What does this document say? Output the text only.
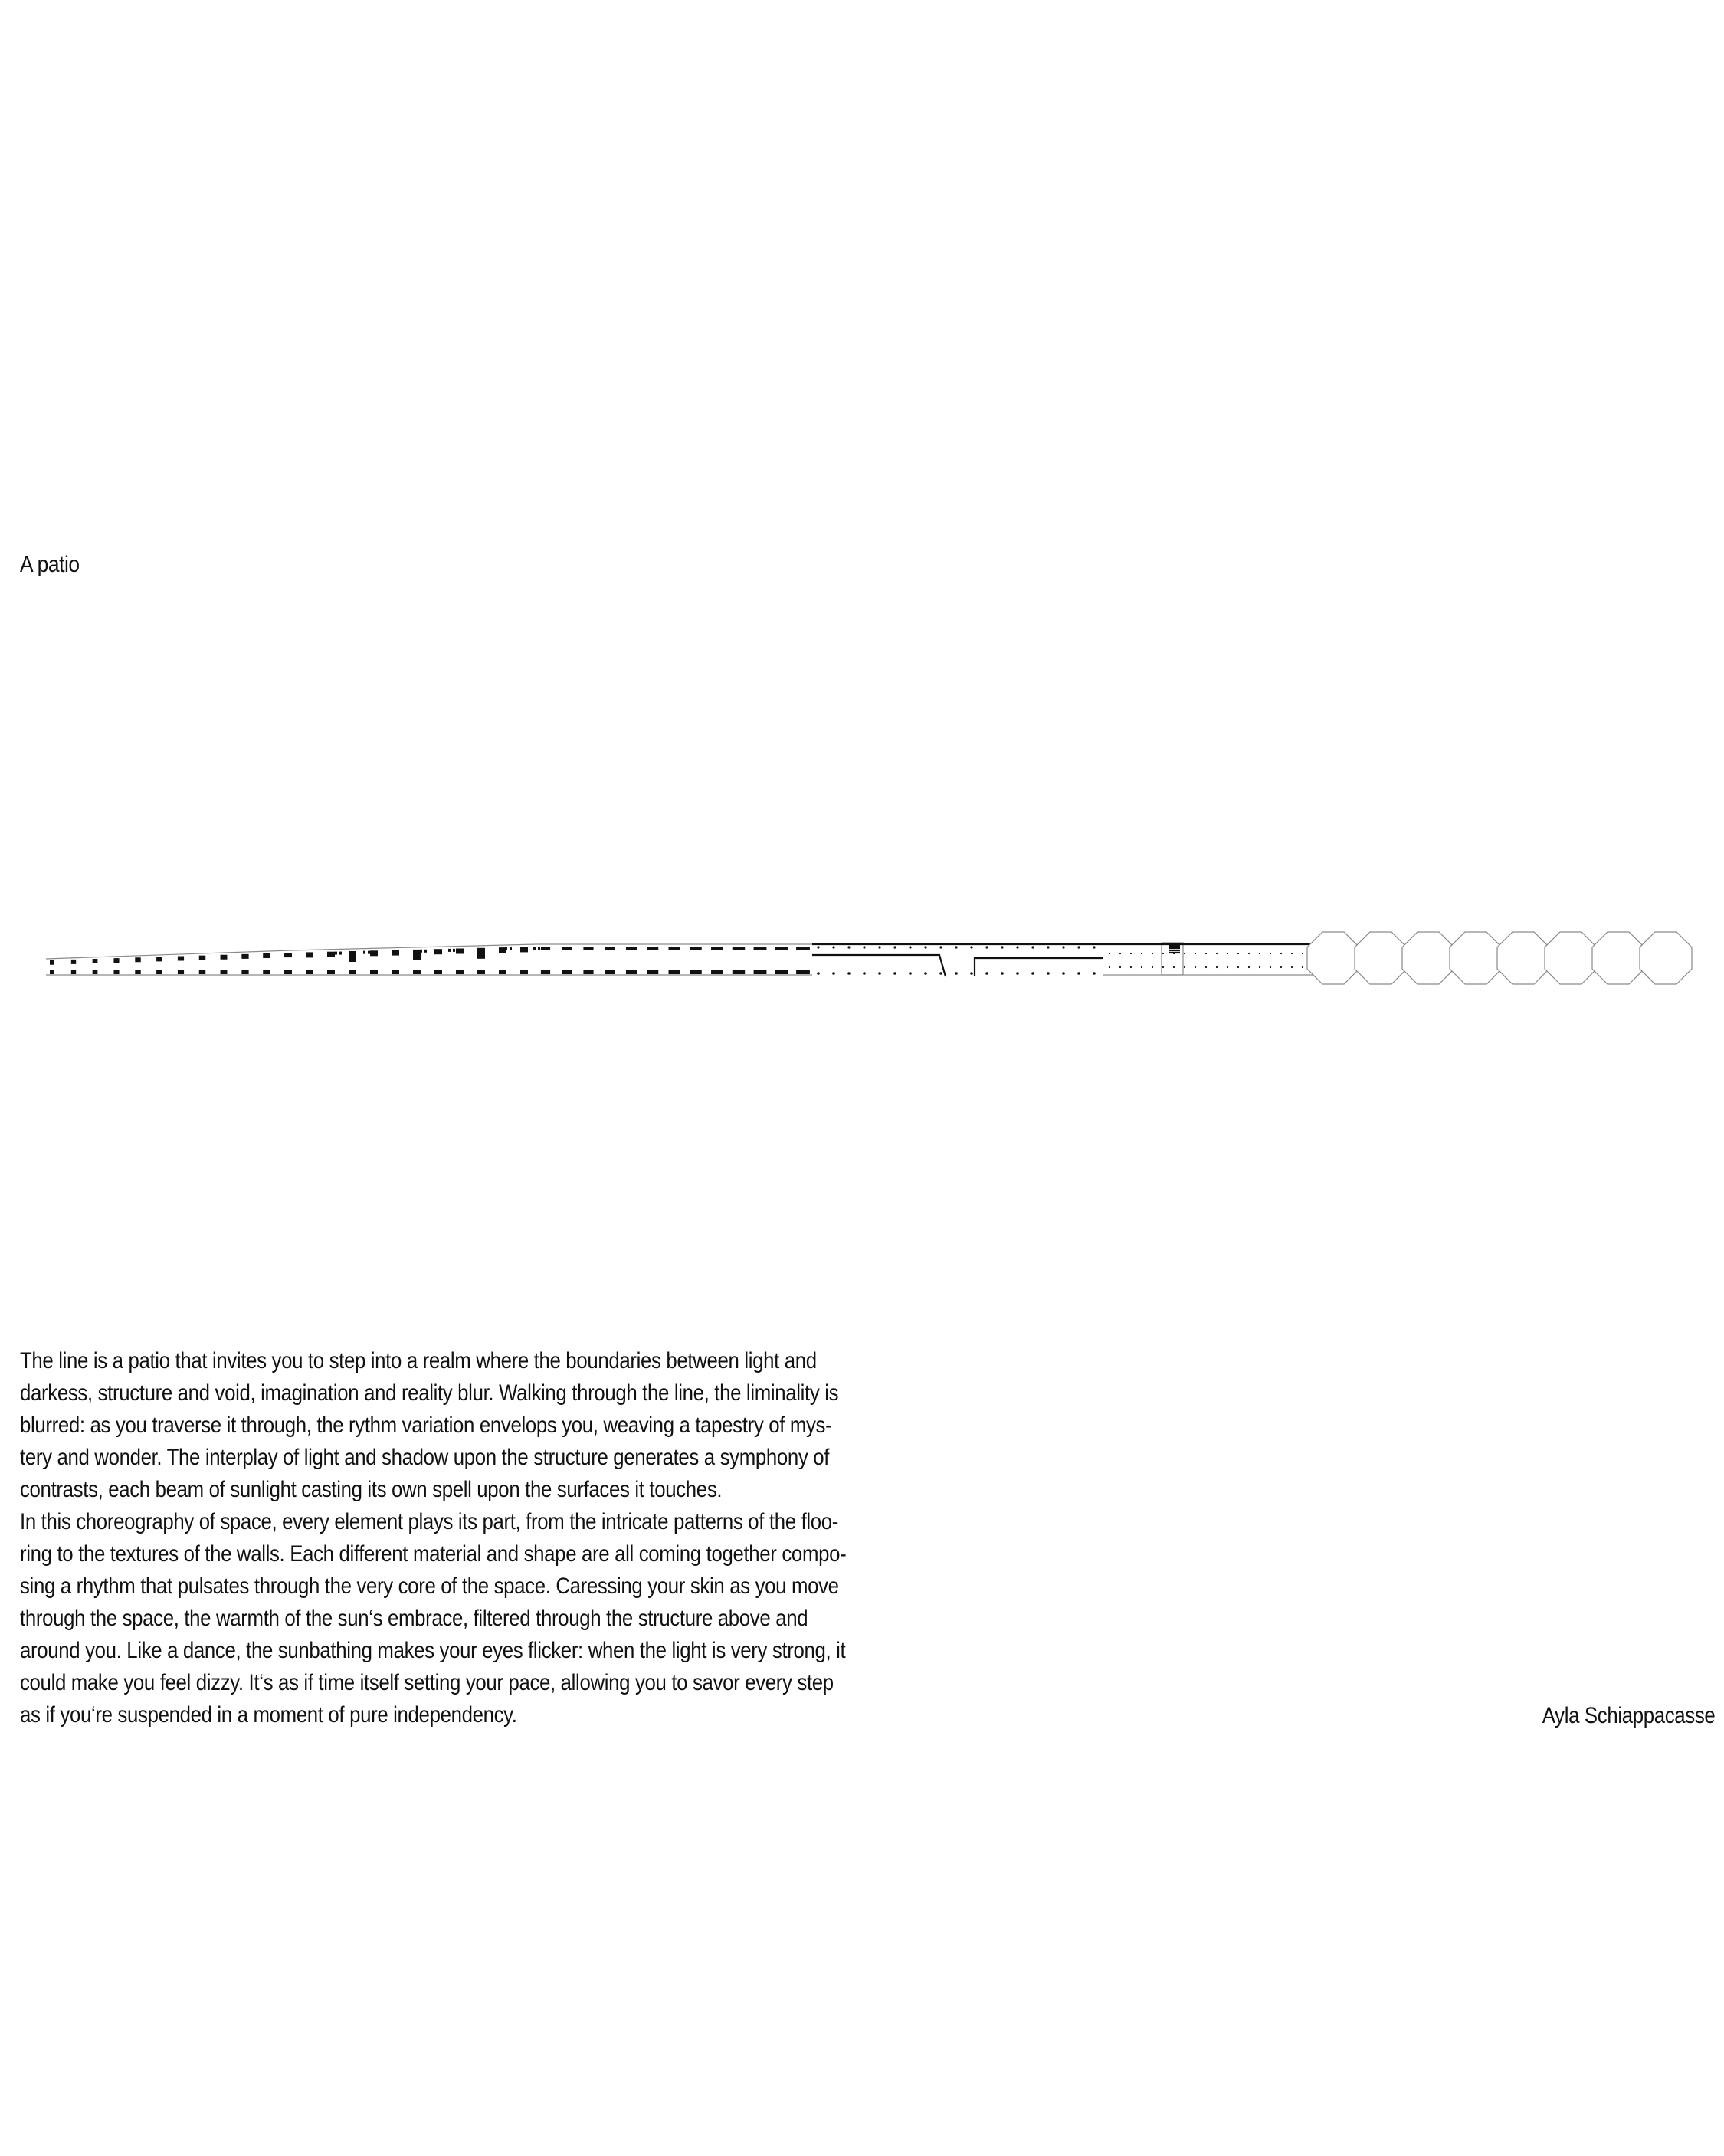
A patio

The line is a patio that invites you to step into a realm where the boundaries between light and
darkess, structure and void, imagination and reality blur. Walking through the line, the liminality is
blurred: as you traverse it through, the rythm variation envelops you, weaving a tapestry of mys-
tery and wonder. The interplay of light and shadow upon the structure generates a symphony of
contrasts, each beam of sunlight casting its own spell upon the surfaces it touches.

In this choreography of space, every element plays its part, from the intricate patterns of the floo-
ring to the textures of the walls. Each different material and shape are all coming together compo-
sing a rhythm that pulsates through the very core of the space. Caressing your skin as you move
through the space, the warmth of the sun‘s embrace, filtered through the structure above and
around you. Like a dance, the sunbathing makes your eyes flicker: when the light is very strong, it
could make you feel dizzy. It‘s as if time itself setting your pace, allowing you to savor every step
as if you‘re suspended in a moment of pure independency.	Ayla Schiappacasse
